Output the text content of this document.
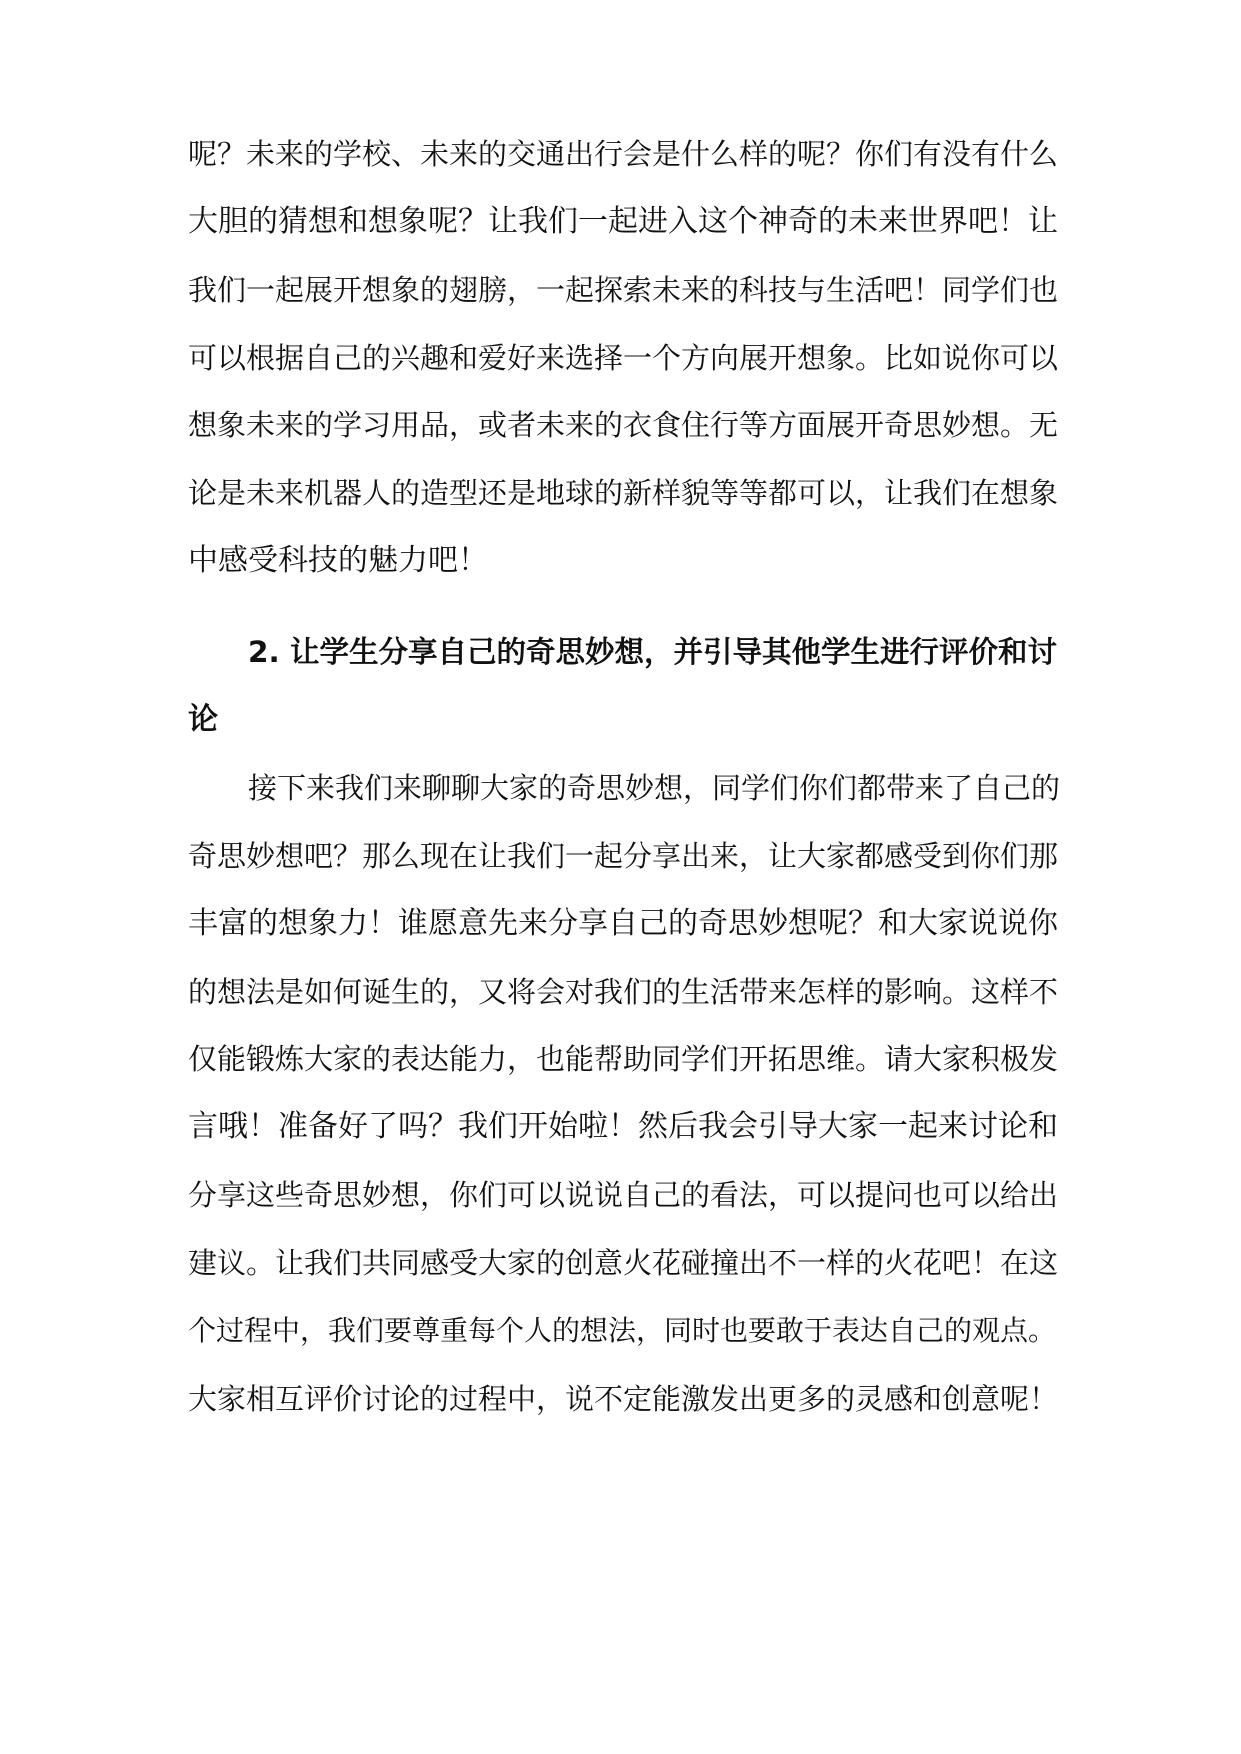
呢？未来的学校、未来的交通出行会是什么样的呢？你们有没有什么
大胆的猜想和想象呢？让我们一起进入这个神奇的未来世界吧！让
我们一起展开想象的翅膀，一起探索未来的科技与生活吧！同学们也
可以根据自己的兴趣和爱好来选择一个方向展开想象。比如说你可以
想象未来的学习用品，或者未来的衣食住行等方面展开奇思妙想。无
论是未来机器人的造型还是地球的新样貌等等都可以，让我们在想象
中感受科技的魅力吧！
2. 让学生分享自己的奇思妙想，并引导其他学生进行评价和讨
论
接下来我们来聊聊大家的奇思妙想，同学们你们都带来了自己的
奇思妙想吧？那么现在让我们一起分享出来，让大家都感受到你们那
丰富的想象力！谁愿意先来分享自己的奇思妙想呢？和大家说说你
的想法是如何诞生的，又将会对我们的生活带来怎样的影响。这样不
仅能锻炼大家的表达能力，也能帮助同学们开拓思维。请大家积极发
言哦！准备好了吗？我们开始啦！然后我会引导大家一起来讨论和
分享这些奇思妙想，你们可以说说自己的看法，可以提问也可以给出
建议。让我们共同感受大家的创意火花碰撞出不一样的火花吧！在这
个过程中，我们要尊重每个人的想法，同时也要敢于表达自己的观点。
大家相互评价讨论的过程中，说不定能激发出更多的灵感和创意呢！
